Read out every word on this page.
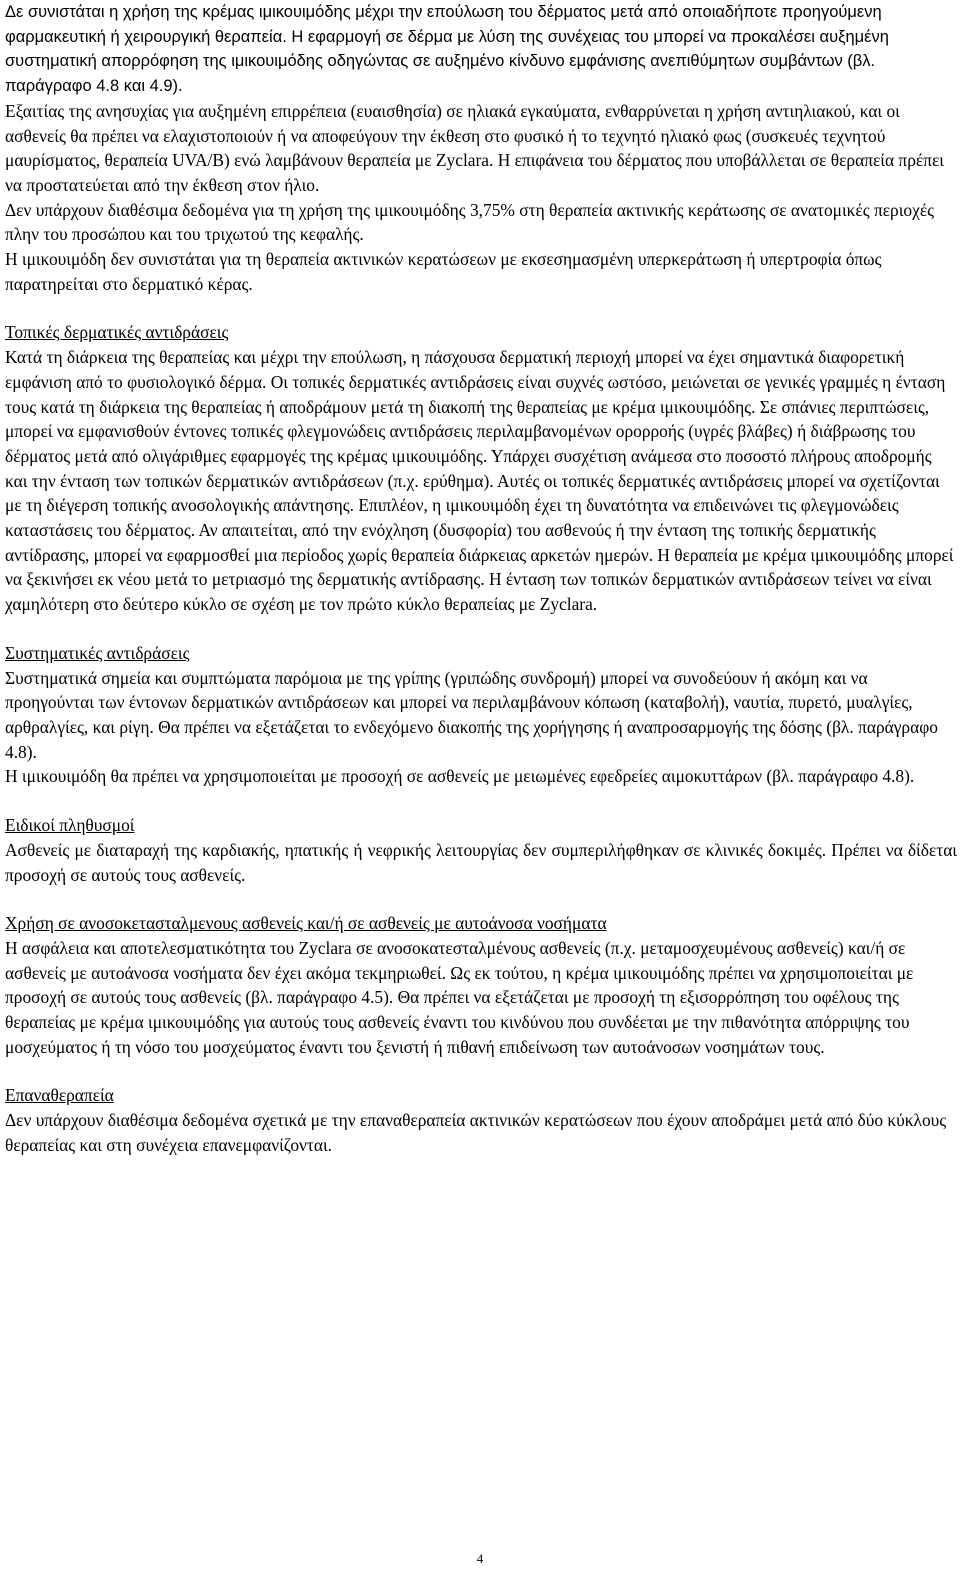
Δε συνιστάται η χρήση της κρέμας ιμικουιμόδης μέχρι την επούλωση του δέρματος μετά από οποιαδήποτε προηγούμενη φαρμακευτική ή χειρουργική θεραπεία. Η εφαρμογή σε δέρμα με λύση της συνέχειας του μπορεί να προκαλέσει αυξημένη συστηματική απορρόφηση της ιμικουιμόδης οδηγώντας σε αυξημένο κίνδυνο εμφάνισης ανεπιθύμητων συμβάντων (βλ. παράγραφο 4.8 και 4.9).

Εξαιτίας της ανησυχίας για αυξημένη επιρρέπεια (ευαισθησία) σε ηλιακά εγκαύματα, ενθαρρύνεται η χρήση αντιηλιακού, και οι ασθενείς θα πρέπει να ελαχιστοποιούν ή να αποφεύγουν την έκθεση στο φυσικό ή το τεχνητό ηλιακό φως (συσκευές τεχνητού μαυρίσματος, θεραπεία UVA/B) ενώ λαμβάνουν θεραπεία με Zyclara. Η επιφάνεια του δέρματος που υποβάλλεται σε θεραπεία πρέπει να προστατεύεται από την έκθεση στον ήλιο.

Δεν υπάρχουν διαθέσιμα δεδομένα για τη χρήση της ιμικουιμόδης 3,75% στη θεραπεία ακτινικής κεράτωσης σε ανατομικές περιοχές πλην του προσώπου και του τριχωτού της κεφαλής.

Η ιμικουιμόδη δεν συνιστάται για τη θεραπεία ακτινικών κερατώσεων με εκσεσημασμένη υπερκεράτωση ή υπερτροφία όπως παρατηρείται στο δερματικό κέρας.

Τοπικές δερματικές αντιδράσεις

Κατά τη διάρκεια της θεραπείας και μέχρι την επούλωση, η πάσχουσα δερματική περιοχή μπορεί να έχει σημαντικά διαφορετική εμφάνιση από το φυσιολογικό δέρμα. Οι τοπικές δερματικές αντιδράσεις είναι συχνές ωστόσο, μειώνεται σε γενικές γραμμές η ένταση τους κατά τη διάρκεια της θεραπείας ή αποδράμουν μετά τη διακοπή της θεραπείας με κρέμα ιμικουιμόδης. Σε σπάνιες περιπτώσεις, μπορεί να εμφανισθούν έντονες τοπικές φλεγμονώδεις αντιδράσεις περιλαμβανομένων ορορροής (υγρές βλάβες) ή διάβρωσης του δέρματος μετά από ολιγάριθμες εφαρμογές της κρέμας ιμικουιμόδης. Υπάρχει συσχέτιση ανάμεσα στο ποσοστό πλήρους αποδρομής και την ένταση των τοπικών δερματικών αντιδράσεων (π.χ. ερύθημα). Αυτές οι τοπικές δερματικές αντιδράσεις μπορεί να σχετίζονται με τη διέγερση τοπικής ανοσολογικής απάντησης. Επιπλέον, η ιμικουιμόδη έχει τη δυνατότητα να επιδεινώνει τις φλεγμονώδεις καταστάσεις του δέρματος. Αν απαιτείται, από την ενόχληση (δυσφορία) του ασθενούς ή την ένταση της τοπικής δερματικής αντίδρασης, μπορεί να εφαρμοσθεί μια περίοδος χωρίς θεραπεία διάρκειας αρκετών ημερών. Η θεραπεία με κρέμα ιμικουιμόδης μπορεί να ξεκινήσει εκ νέου μετά το μετριασμό της δερματικής αντίδρασης. Η ένταση των τοπικών δερματικών αντιδράσεων τείνει να είναι χαμηλότερη στο δεύτερο κύκλο σε σχέση με τον πρώτο κύκλο θεραπείας με Zyclara.

Συστηματικές αντιδράσεις

Συστηματικά σημεία και συμπτώματα παρόμοια με της γρίπης (γριπώδης συνδρομή) μπορεί να συνοδεύουν ή ακόμη και να προηγούνται των έντονων δερματικών αντιδράσεων και μπορεί να περιλαμβάνουν κόπωση (καταβολή), ναυτία, πυρετό, μυαλγίες, αρθραλγίες, και ρίγη. Θα πρέπει να εξετάζεται το ενδεχόμενο διακοπής της χορήγησης ή αναπροσαρμογής της δόσης (βλ. παράγραφο 4.8).

Η ιμικουιμόδη θα πρέπει να χρησιμοποιείται με προσοχή σε ασθενείς με μειωμένες εφεδρείες αιμοκυττάρων (βλ. παράγραφο 4.8).

Ειδικοί πληθυσμοί

Ασθενείς με διαταραχή της καρδιακής, ηπατικής ή νεφρικής λειτουργίας δεν συμπεριλήφθηκαν σε κλινικές δοκιμές. Πρέπει να δίδεται προσοχή σε αυτούς τους ασθενείς.

Χρήση σε ανοσοκετασταλμενους ασθενείς και/ή σε ασθενείς με αυτοάνοσα νοσήματα

Η ασφάλεια και αποτελεσματικότητα του Zyclara σε ανοσοκατεσταλμένους ασθενείς (π.χ. μεταμοσχευμένους ασθενείς) και/ή σε ασθενείς με αυτοάνοσα νοσήματα δεν έχει ακόμα τεκμηριωθεί. Ως εκ τούτου, η κρέμα ιμικουιμόδης πρέπει να χρησιμοποιείται με προσοχή σε αυτούς τους ασθενείς (βλ. παράγραφο 4.5). Θα πρέπει να εξετάζεται με προσοχή τη εξισορρόπηση του οφέλους της θεραπείας με κρέμα ιμικουιμόδης για αυτούς τους ασθενείς έναντι του κινδύνου που συνδέεται με την πιθανότητα απόρριψης του μοσχεύματος ή τη νόσο του μοσχεύματος έναντι του ξενιστή ή πιθανή επιδείνωση των αυτοάνοσων νοσημάτων τους.

Επαναθεραπεία

Δεν υπάρχουν διαθέσιμα δεδομένα σχετικά με την επαναθεραπεία ακτινικών κερατώσεων που έχουν αποδράμει μετά από δύο κύκλους θεραπείας και στη συνέχεια επανεμφανίζονται.

4
